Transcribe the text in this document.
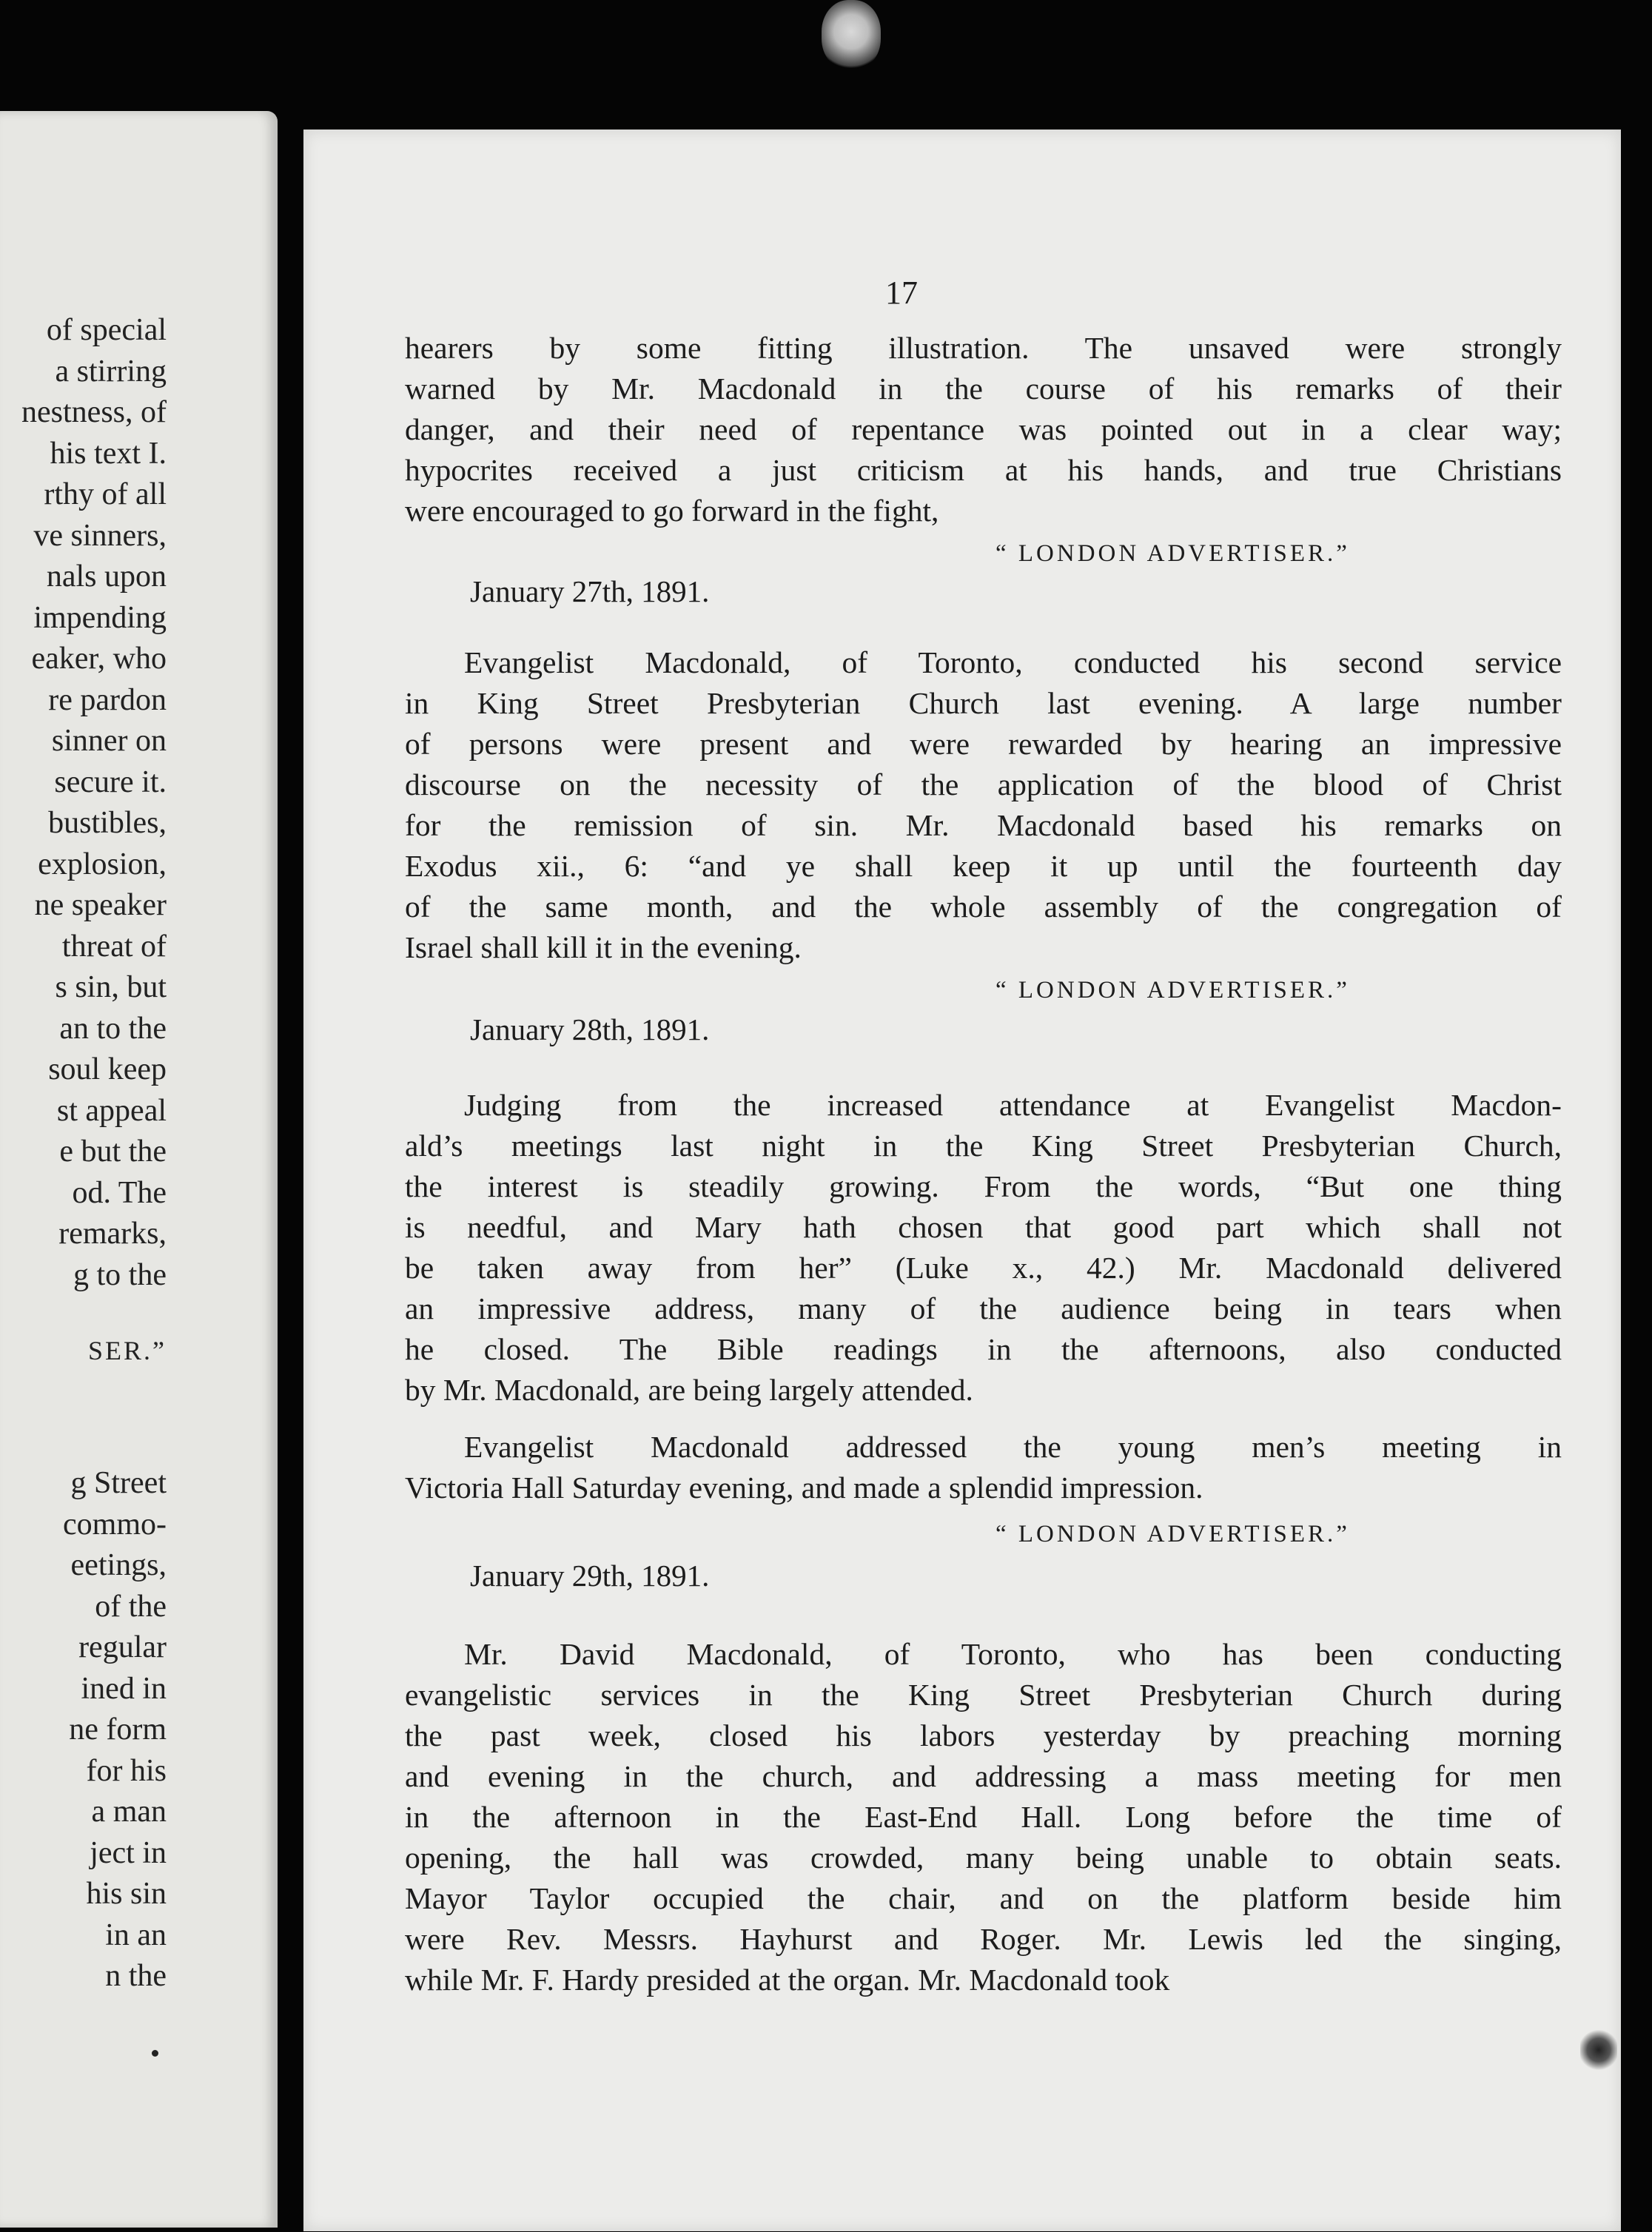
of special
a stirring
nestness, of
his text I.
rthy of all
ve sinners,
nals upon
impending
eaker, who
re pardon
sinner on
secure it.
bustibles,
explosion,
ne speaker
threat of
s sin, but
an to the
soul keep
st appeal
e but the
od. The
remarks,
g to the
SER.”
g Street
commo-
eetings,
of the
regular
ined in
ne form
for his
a man
ject in
his sin
in an
n the
17
hearers by some fitting illustration. The unsaved were strongly
warned by Mr. Macdonald in the course of his remarks of their
danger, and their need of repentance was pointed out in a clear way;
hypocrites received a just criticism at his hands, and true Christians
were encouraged to go forward in the fight,
“ LONDON ADVERTISER.”
January 27th, 1891.
Evangelist Macdonald, of Toronto, conducted his second service
in King Street Presbyterian Church last evening. A large number
of persons were present and were rewarded by hearing an impressive
discourse on the necessity of the application of the blood of Christ
for the remission of sin. Mr. Macdonald based his remarks on
Exodus xii., 6: “and ye shall keep it up until the fourteenth day
of the same month, and the whole assembly of the congregation of
Israel shall kill it in the evening.
“ LONDON ADVERTISER.”
January 28th, 1891.
Judging from the increased attendance at Evangelist Macdon-
ald’s meetings last night in the King Street Presbyterian Church,
the interest is steadily growing. From the words, “But one thing
is needful, and Mary hath chosen that good part which shall not
be taken away from her” (Luke x., 42.) Mr. Macdonald delivered
an impressive address, many of the audience being in tears when
he closed. The Bible readings in the afternoons, also conducted
by Mr. Macdonald, are being largely attended.
Evangelist Macdonald addressed the young men’s meeting in
Victoria Hall Saturday evening, and made a splendid impression.
“ LONDON ADVERTISER.”
January 29th, 1891.
Mr. David Macdonald, of Toronto, who has been conducting
evangelistic services in the King Street Presbyterian Church during
the past week, closed his labors yesterday by preaching morning
and evening in the church, and addressing a mass meeting for men
in the afternoon in the East-End Hall. Long before the time of
opening, the hall was crowded, many being unable to obtain seats.
Mayor Taylor occupied the chair, and on the platform beside him
were Rev. Messrs. Hayhurst and Roger. Mr. Lewis led the singing,
while Mr. F. Hardy presided at the organ. Mr. Macdonald took
